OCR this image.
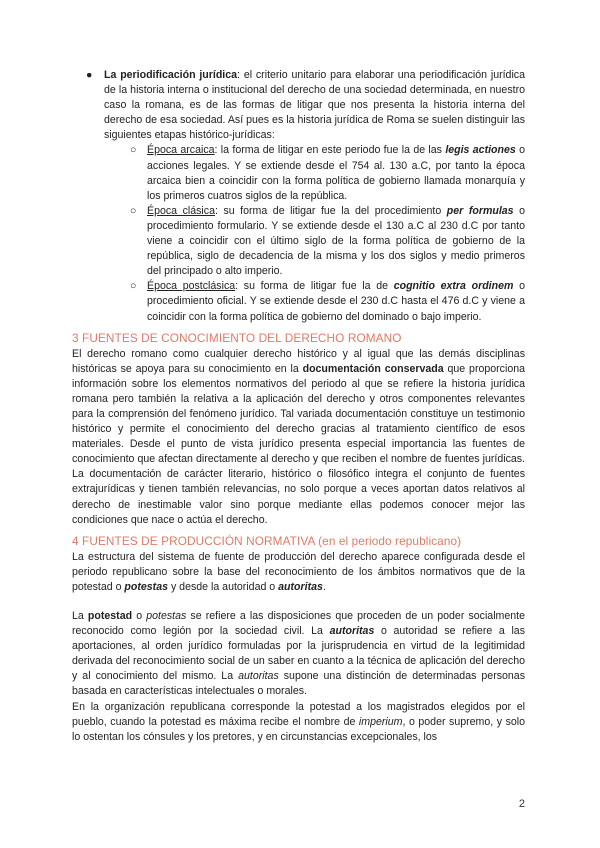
● La periodificación jurídica: el criterio unitario para elaborar una periodificación jurídica de la historia interna o institucional del derecho de una sociedad determinada, en nuestro caso la romana, es de las formas de litigar que nos presenta la historia interna del derecho de esa sociedad. Así pues es la historia jurídica de Roma se suelen distinguir las siguientes etapas histórico-jurídicas:

○ Época arcaica: la forma de litigar en este periodo fue la de las legis actiones o acciones legales. Y se extiende desde el 754 al. 130 a.C, por tanto la época arcaica bien a coincidir con la forma política de gobierno llamada monarquía y los primeros cuatros siglos de la república.

○ Época clásica: su forma de litigar fue la del procedimiento per formulas o procedimiento formulario. Y se extiende desde el 130 a.C al 230 d.C por tanto viene a coincidir con el último siglo de la forma política de gobierno de la república, siglo de decadencia de la misma y los dos siglos y medio primeros del principado o alto imperio.

○ Época postclásica: su forma de litigar fue la de cognitio extra ordinem o procedimiento oficial. Y se extiende desde el 230 d.C hasta el 476 d.C y viene a coincidir con la forma política de gobierno del dominado o bajo imperio.

3 FUENTES DE CONOCIMIENTO DEL DERECHO ROMANO

El derecho romano como cualquier derecho histórico y al igual que las demás disciplinas históricas se apoya para su conocimiento en la documentación conservada que proporciona información sobre los elementos normativos del periodo al que se refiere la historia jurídica romana pero también la relativa a la aplicación del derecho y otros componentes relevantes para la comprensión del fenómeno jurídico. Tal variada documentación constituye un testimonio histórico y permite el conocimiento del derecho gracias al tratamiento científico de esos materiales. Desde el punto de vista jurídico presenta especial importancia las fuentes de conocimiento que afectan directamente al derecho y que reciben el nombre de fuentes jurídicas. La documentación de carácter literario, histórico o filosófico integra el conjunto de fuentes extrajurídicas y tienen también relevancias, no solo porque a veces aportan datos relativos al derecho de inestimable valor sino porque mediante ellas podemos conocer mejor las condiciones que nace o actúa el derecho.

4 FUENTES DE PRODUCCIÓN NORMATIVA (en el periodo republicano)

La estructura del sistema de fuente de producción del derecho aparece configurada desde el periodo republicano sobre la base del reconocimiento de los ámbitos normativos que de la potestad o potestas y desde la autoridad o autoritas.

La potestad o potestas se refiere a las disposiciones que proceden de un poder socialmente reconocido como legión por la sociedad civil. La autoritas o autoridad se refiere a las aportaciones, al orden jurídico formuladas por la jurisprudencia en virtud de la legitimidad derivada del reconocimiento social de un saber en cuanto a la técnica de aplicación del derecho y al conocimiento del mismo. La autoritas supone una distinción de determinadas personas basada en características intelectuales o morales.

En la organización republicana corresponde la potestad a los magistrados elegidos por el pueblo, cuando la potestad es máxima recibe el nombre de imperium, o poder supremo, y solo lo ostentan los cónsules y los pretores, y en circunstancias excepcionales, los

2
